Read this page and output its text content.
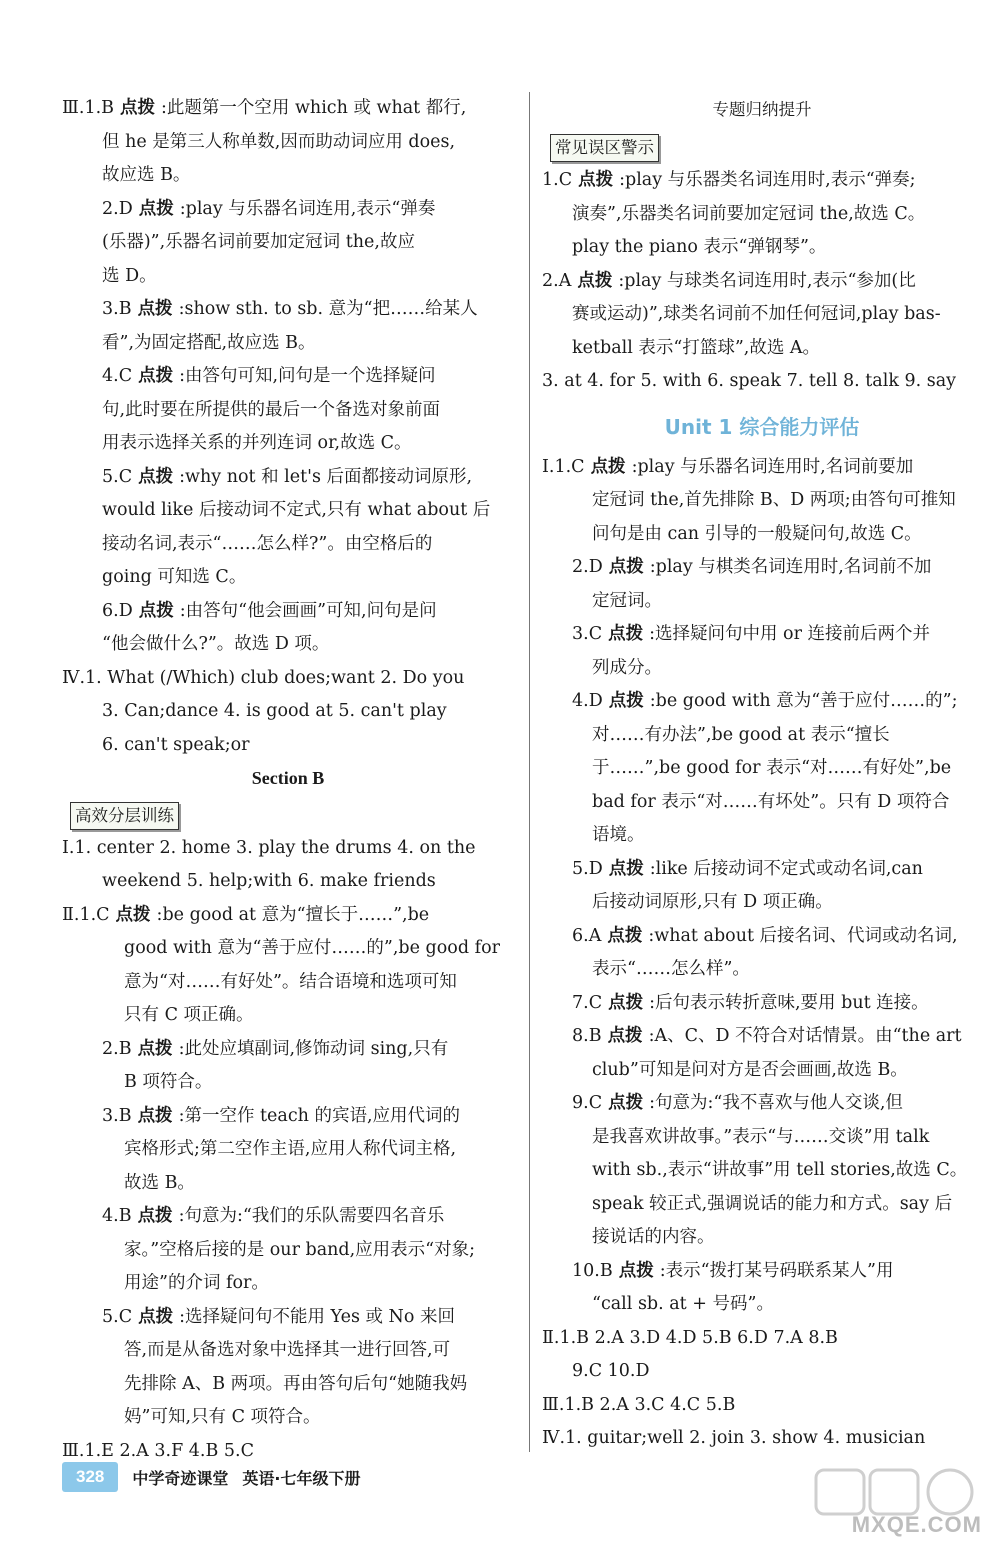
Ⅲ.1.B 点拨 :此题第一个空用 which 或 what 都行,
但 he 是第三人称单数,因而助动词应用 does,
故应选 B。
2.D 点拨 :play 与乐器名词连用,表示“弹奏
(乐器)”,乐器名词前要加定冠词 the,故应
选 D。
3.B 点拨 :show sth. to sb. 意为“把……给某人
看”,为固定搭配,故应选 B。
4.C 点拨 :由答句可知,问句是一个选择疑问
句,此时要在所提供的最后一个备选对象前面
用表示选择关系的并列连词 or,故选 C。
5.C 点拨 :why not 和 let's 后面都接动词原形,
would like 后接动词不定式,只有 what about 后
接动名词,表示“……怎么样?”。由空格后的
going 可知选 C。
6.D 点拨 :由答句“他会画画”可知,问句是问
“他会做什么?”。故选 D 项。
Ⅳ.1. What (/Which) club does;want 2. Do you
3. Can;dance 4. is good at 5. can't play
6. can't speak;or
Section B
高效分层训练
Ⅰ.1. center 2. home 3. play the drums 4. on the
weekend 5. help;with 6. make friends
Ⅱ.1.C 点拨 :be good at 意为“擅长于……”,be
good with 意为“善于应付……的”,be good for
意为“对……有好处”。结合语境和选项可知
只有 C 项正确。
2.B 点拨 :此处应填副词,修饰动词 sing,只有
B 项符合。
3.B 点拨 :第一空作 teach 的宾语,应用代词的
宾格形式;第二空作主语,应用人称代词主格,
故选 B。
4.B 点拨 :句意为:“我们的乐队需要四名音乐
家。”空格后接的是 our band,应用表示“对象;
用途”的介词 for。
5.C 点拨 :选择疑问句不能用 Yes 或 No 来回
答,而是从备选对象中选择其一进行回答,可
先排除 A、B 两项。再由答句后句“她随我妈
妈”可知,只有 C 项符合。
Ⅲ.1.E 2.A 3.F 4.B 5.C
专题归纳提升
常见误区警示
1.C 点拨 :play 与乐器类名词连用时,表示“弹奏;
演奏”,乐器类名词前要加定冠词 the,故选 C。
play the piano 表示“弹钢琴”。
2.A 点拨 :play 与球类名词连用时,表示“参加(比
赛或运动)”,球类名词前不加任何冠词,play bas-
ketball 表示“打篮球”,故选 A。
3. at 4. for 5. with 6. speak 7. tell 8. talk 9. say
Unit 1 综合能力评估
Ⅰ.1.C 点拨 :play 与乐器名词连用时,名词前要加
定冠词 the,首先排除 B、D 两项;由答句可推知
问句是由 can 引导的一般疑问句,故选 C。
2.D 点拨 :play 与棋类名词连用时,名词前不加
定冠词。
3.C 点拨 :选择疑问句中用 or 连接前后两个并
列成分。
4.D 点拨 :be good with 意为“善于应付……的”;
对……有办法”,be good at 表示“擅长
于……”,be good for 表示“对……有好处”,be
bad for 表示“对……有坏处”。只有 D 项符合
语境。
5.D 点拨 :like 后接动词不定式或动名词,can
后接动词原形,只有 D 项正确。
6.A 点拨 :what about 后接名词、代词或动名词,
表示“……怎么样”。
7.C 点拨 :后句表示转折意味,要用 but 连接。
8.B 点拨 :A、C、D 不符合对话情景。由“the art
club”可知是问对方是否会画画,故选 B。
9.C 点拨 :句意为:“我不喜欢与他人交谈,但
是我喜欢讲故事。”表示“与……交谈”用 talk
with sb.,表示“讲故事”用 tell stories,故选 C。
speak 较正式,强调说话的能力和方式。say 后
接说话的内容。
10.B 点拨 :表示“拨打某号码联系某人”用
“call sb. at + 号码”。
Ⅱ.1.B 2.A 3.D 4.D 5.B 6.D 7.A 8.B
9.C 10.D
Ⅲ.1.B 2.A 3.C 4.C 5.B
Ⅳ.1. guitar;well 2. join 3. show 4. musician
328	中学奇迹课堂 英语·七年级下册
MXQE.COM
